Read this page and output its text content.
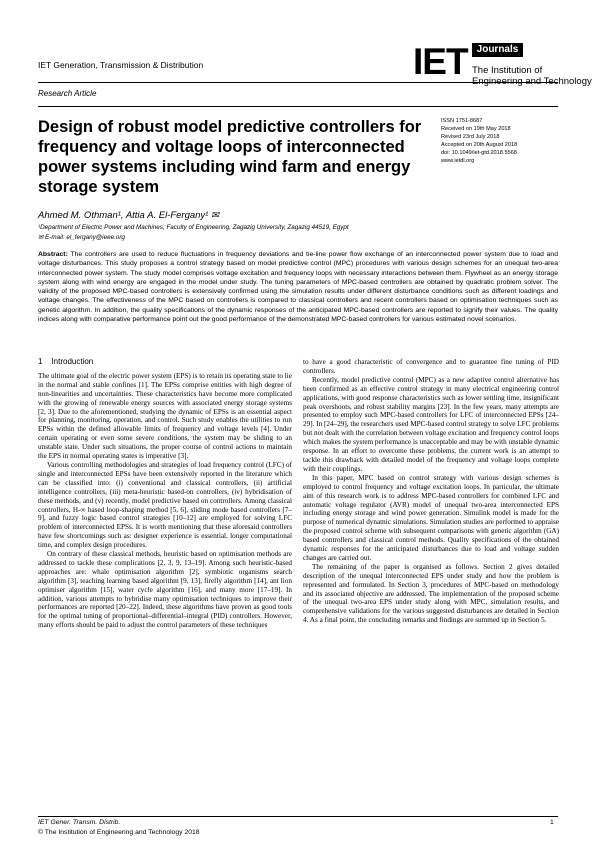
IET Generation, Transmission & Distribution
Research Article
IET Journals
The Institution of
Engineering and Technology
Design of robust model predictive controllers for frequency and voltage loops of interconnected power systems including wind farm and energy storage system
ISSN 1751-8687
Received on 19th May 2018
Revised 23rd July 2018
Accepted on 20th August 2018
doi: 10.1049/iet-gtd.2018.5568
www.ietdl.org
Ahmed M. Othman¹, Attia A. El-Fergany¹ ✉
¹Department of Electric Power and Machines, Faculty of Engineering, Zagazig University, Zagazig 44519, Egypt
✉ E-mail: el_fergany@ieee.org
Abstract: The controllers are used to reduce fluctuations in frequency deviations and tie-line power flow exchange of an interconnected power system due to load and voltage disturbances. This study proposes a control strategy based on model predictive control (MPC) procedures with various design schemes for an unequal two-area interconnected power system. The study model comprises voltage excitation and frequency loops with necessary interactions between them. Flywheel as an energy storage system along with wind energy are engaged in the model under study. The tuning parameters of MPC-based controllers are obtained by quadratic problem solver. The validity of the proposed MPC-based controllers is extensively confirmed using the simulation results under different disturbance conditions such as different loadings and voltage changes. The effectiveness of the MPC based on controllers is compared to classical controllers and recent controllers based on optimisation techniques such as genetic algorithm. In addition, the quality specifications of the dynamic responses of the anticipated MPC-based controllers are reported to signify their values. The quality indices along with comparative performance point out the good performance of the demonstrated MPC-based controllers for various estimated novel scenarios.
1 Introduction

The ultimate goal of the electric power system (EPS) is to retain its operating state to lie in the normal and stable confines [1]. The EPSs comprise entities with high degree of non-linearities and uncertainties. These characteristics have become more complicated with the growing of renewable energy sources with associated energy storage systems [2, 3]. Due to the aforementioned, studying the dynamic of EPSs is an essential aspect for planning, monitoring, operation, and control. Such study enables the utilities to run EPSs within the defined allowable limits of frequency and voltage levels [4]. Under certain operating or even some severe conditions, the system may be sliding to an unstable state. Under such situations, the proper course of control actions to maintain the EPS in normal operating states is imperative [3].

Various controlling methodologies and strategies of load frequency control (LFC) of single and interconnected EPSs have been extensively reported in the literature which can be classified into: (i) conventional and classical controllers, (ii) artificial intelligence controllers, (iii) meta-heuristic based-on controllers, (iv) hybridisation of these methods, and (v) recently, model predictive based on controllers. Among classical controllers, H-∞ based loop-shaping method [5, 6], sliding mode based controllers [7–9], and fuzzy logic based control strategies [10–12] are employed for solving LFC problem of interconnected EPSs. It is worth mentioning that these aforesaid controllers have few shortcomings such as: designer experience is essential, longer computational time, and complex design procedures.

On contrary of these classical methods, heuristic based on optimisation methods are addressed to tackle these complications [2, 3, 9, 13–19]. Among such heuristic-based approaches are: whale optimisation algorithm [2], symbiotic organisms search algorithm [3], teaching learning based algorithm [9, 13], firefly algorithm [14], ant lion optimiser algorithm [15], water cycle algorithm [16], and many more [17–19]. In addition, various attempts to hybridise many optimisation techniques to improve their performances are reported [20–22]. Indeed, these algorithms have proven as good tools for the optimal tuning of proportional–differential–integral (PID) controllers. However, many efforts should be paid to adjust the control parameters of these techniques

to have a good characteristic of convergence and to guarantee fine tuning of PID controllers.

Recently, model predictive control (MPC) as a new adaptive control alternative has been confirmed as an effective control strategy in many electrical engineering control applications, with good response characteristics such as lower settling time, insignificant peak overshoots, and robust stability margins [23]. In the few years, many attempts are presented to employ such MPC-based controllers for LFC of interconnected EPSs [24–29]. In [24–29], the researchers used MPC-based control strategy to solve LFC problems but not dealt with the correlation between voltage excitation and frequency control loops which makes the system performance is unacceptable and may be with unstable dynamic response. In an effort to overcome these problems, the current work is an attempt to tackle this drawback with detailed model of the frequency and voltage loops complete with their couplings.

In this paper, MPC based on control strategy with various design schemes is employed to control frequency and voltage excitation loops. In particular, the ultimate aim of this research work is to address MPC-based controllers for combined LFC and automatic voltage regulator (AVR) model of unequal two-area interconnected EPS including energy storage and wind power generation. Simulink model is made for the purpose of numerical dynamic simulations. Simulation studies are performed to appraise the proposed control scheme with subsequent comparisons with genetic algorithm (GA) based controllers and classical control methods. Quality specifications of the obtained dynamic responses for the anticipated disturbances due to load and voltage sudden changes are carried out.

The remaining of the paper is organised as follows. Section 2 gives detailed description of the unequal interconnected EPS under study and how the problem is represented and formulated. In Section 3, procedures of MPC-based on methodology and its associated objective are addressed. The implementation of the proposed scheme of the unequal two-area EPS under study along with MPC, simulation results, and comprehensive validations for the various suggested disturbances are detailed in Section 4. As a final point, the concluding remarks and findings are summed up in Section 5.

IET Gener. Transm. Distrib.
© The Institution of Engineering and Technology 2018
1
